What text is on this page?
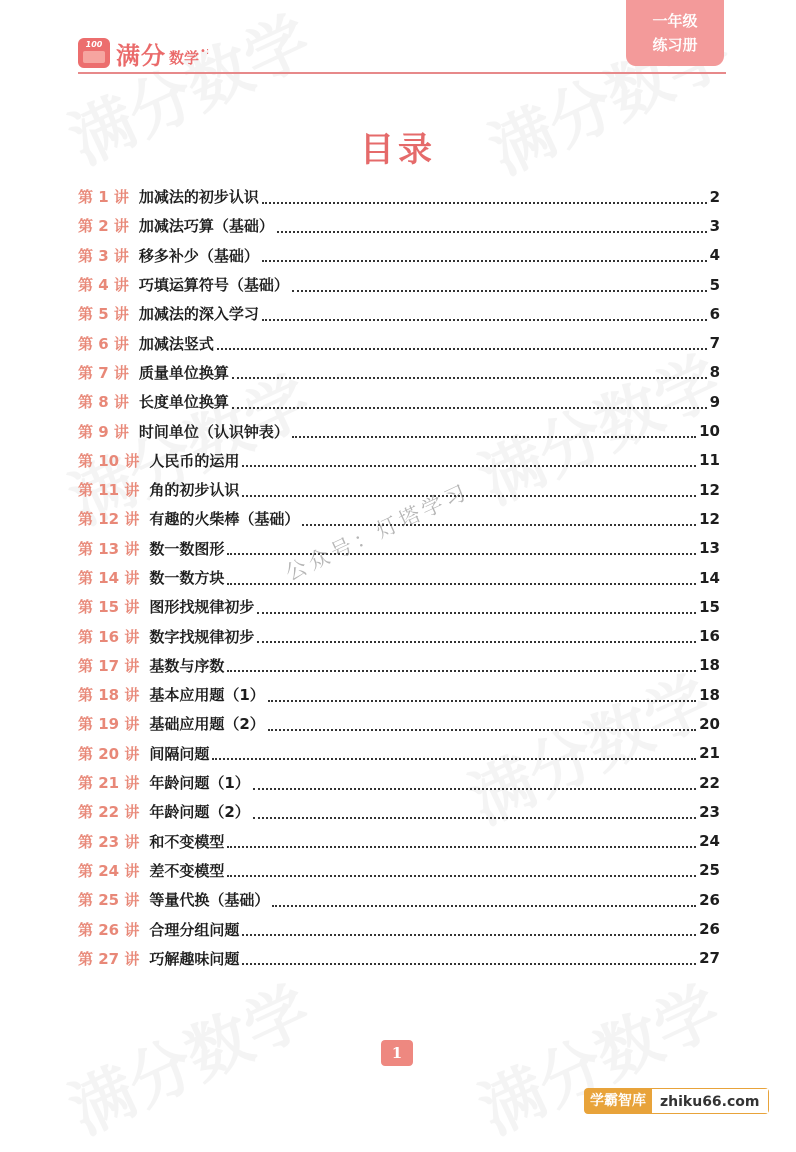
100 满分 数学 •:
一年级
练习册
目录
第 1 讲 加减法的初步认识	2
第 2 讲 加减法巧算（基础）	3
第 3 讲 移多补少（基础）	4
第 4 讲 巧填运算符号（基础）	5
第 5 讲 加减法的深入学习	6
第 6 讲 加减法竖式	7
第 7 讲 质量单位换算	8
第 8 讲 长度单位换算	9
第 9 讲 时间单位（认识钟表）	10
第 10 讲 人民币的运用	11
第 11 讲 角的初步认识	12
第 12 讲 有趣的火柴棒（基础）	12
第 13 讲 数一数图形	13
第 14 讲 数一数方块	14
第 15 讲 图形找规律初步	15
第 16 讲 数字找规律初步	16
第 17 讲 基数与序数	18
第 18 讲 基本应用题（1）	18
第 19 讲 基础应用题（2）	20
第 20 讲 间隔问题	21
第 21 讲 年龄问题（1）	22
第 22 讲 年龄问题（2）	23
第 23 讲 和不变模型	24
第 24 讲 差不变模型	25
第 25 讲 等量代换（基础）	26
第 26 讲 合理分组问题	26
第 27 讲 巧解趣味问题	27
公众号：灯塔学习
1
学霸智库	zhiku66.com
